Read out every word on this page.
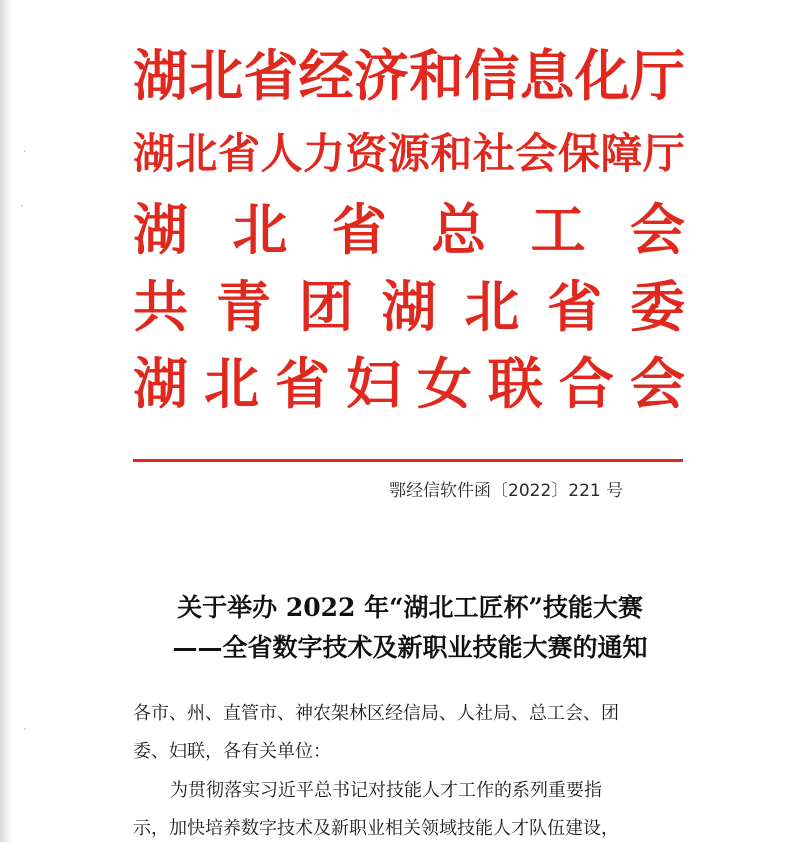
ˊ
ˎ
ˊ
湖 北 省 经 济 和 信 息 化 厅
湖 北 省 人 力 资 源 和 社 会 保 障 厅
湖 北 省 总 工 会
共 青 团 湖 北 省 委
湖 北 省 妇 女 联 合 会
鄂经信软件函〔2022〕221 号
关于举办 2022 年“湖北工匠杯”技能大赛
——全省数字技术及新职业技能大赛的通知
各市、州、直管市、神农架林区经信局、人社局、总工会、团
委、妇联，各有关单位：
为贯彻落实习近平总书记对技能人才工作的系列重要指
示，加快培养数字技术及新职业相关领域技能人才队伍建设，
